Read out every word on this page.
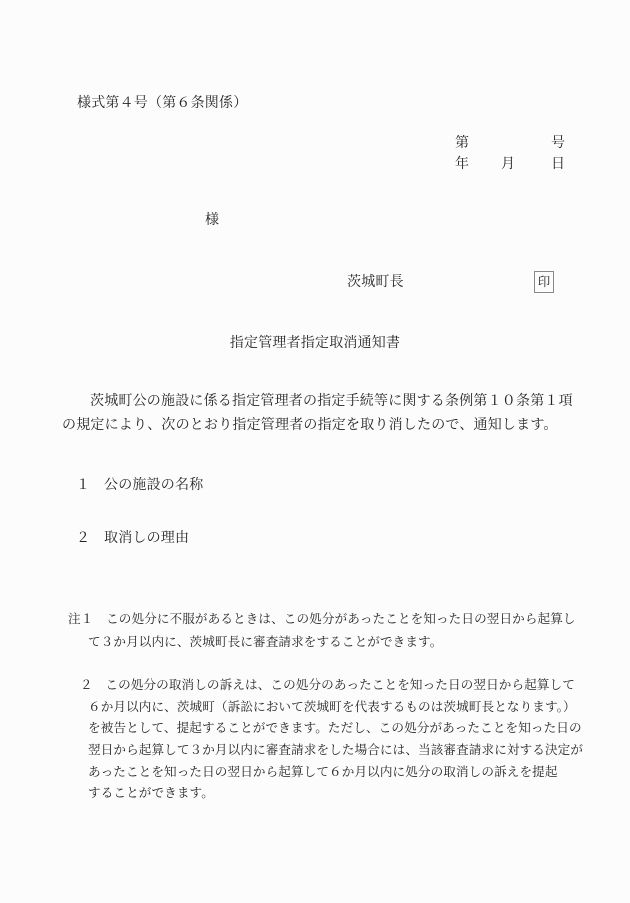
様式第４号（第６条関係）
第	号
年 月	日
様
茨城町長	印
指定管理者指定取消通知書
茨城町公の施設に係る指定管理者の指定手続等に関する条例第１０条第１項
の規定により、次のとおり指定管理者の指定を取り消したので、通知します。
１ 公の施設の名称
２ 取消しの理由
注１　この処分に不服があるときは、この処分があったことを知った日の翌日から起算し
て３か月以内に、茨城町長に審査請求をすることができます。
２　この処分の取消しの訴えは、この処分のあったことを知った日の翌日から起算して
６か月以内に、茨城町（訴訟において茨城町を代表するものは茨城町長となります。）
を被告として、提起することができます。ただし、この処分があったことを知った日の
翌日から起算して３か月以内に審査請求をした場合には、当該審査請求に対する決定が
あったことを知った日の翌日から起算して６か月以内に処分の取消しの訴えを提起
することができます。
